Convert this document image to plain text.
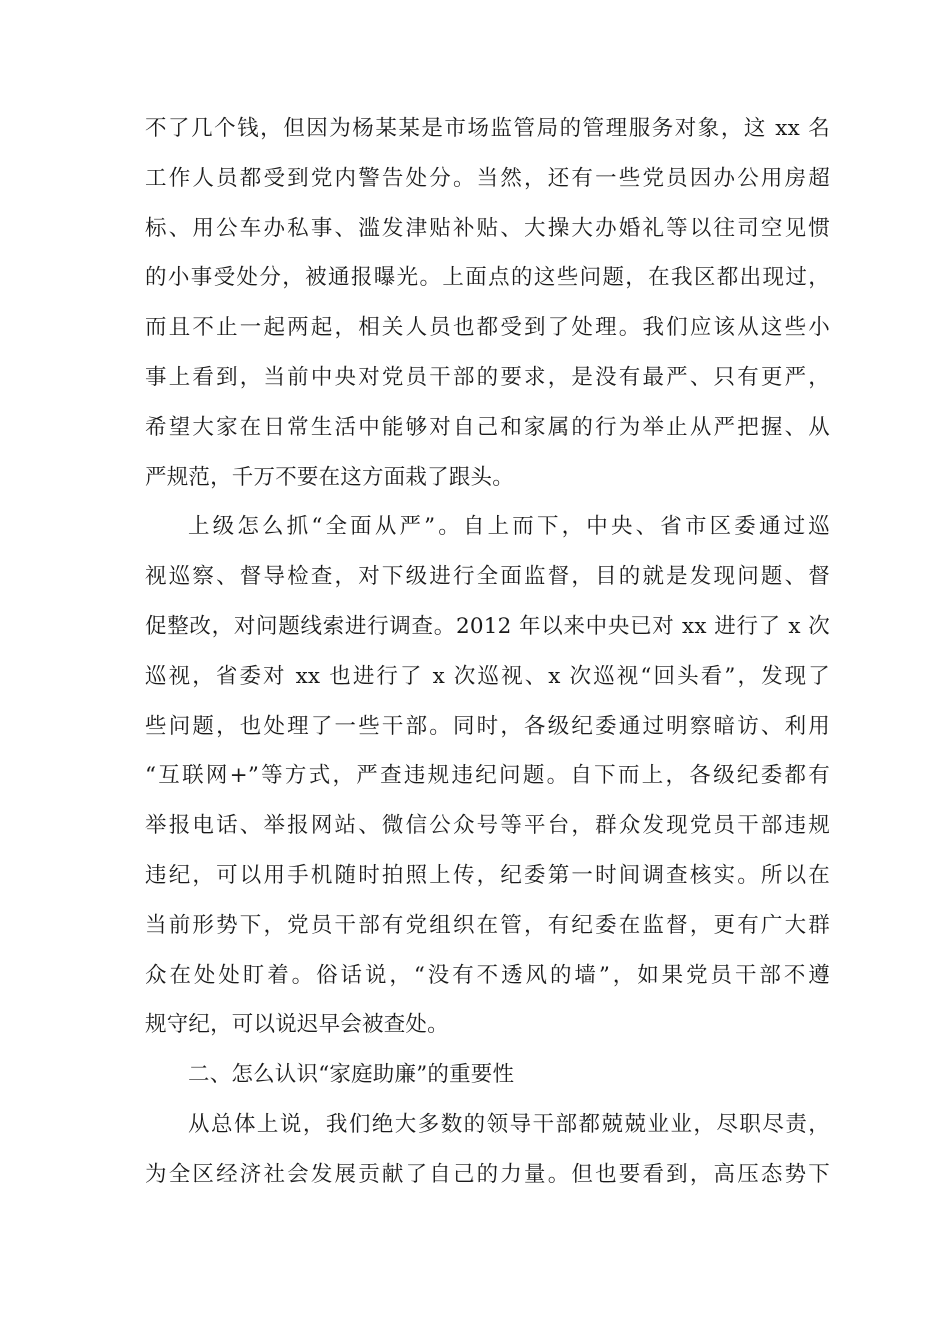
不了几个钱，但因为杨某某是市场监管局的管理服务对象，这 xx 名
工作人员都受到党内警告处分。当然，还有一些党员因办公用房超
标、用公车办私事、滥发津贴补贴、大操大办婚礼等以往司空见惯
的小事受处分，被通报曝光。上面点的这些问题，在我区都出现过，
而且不止一起两起，相关人员也都受到了处理。我们应该从这些小
事上看到，当前中央对党员干部的要求，是没有最严、只有更严，
希望大家在日常生活中能够对自己和家属的行为举止从严把握、从
严规范，千万不要在这方面栽了跟头。
上级怎么抓“全面从严”。自上而下，中央、省市区委通过巡
视巡察、督导检查，对下级进行全面监督，目的就是发现问题、督
促整改，对问题线索进行调查。2012 年以来中央已对 xx 进行了 x 次
巡视，省委对 xx 也进行了 x 次巡视、x 次巡视“回头看”，发现了
些问题，也处理了一些干部。同时，各级纪委通过明察暗访、利用
“互联网+”等方式，严查违规违纪问题。自下而上，各级纪委都有
举报电话、举报网站、微信公众号等平台，群众发现党员干部违规
违纪，可以用手机随时拍照上传，纪委第一时间调查核实。所以在
当前形势下，党员干部有党组织在管，有纪委在监督，更有广大群
众在处处盯着。俗话说，“没有不透风的墙”，如果党员干部不遵
规守纪，可以说迟早会被查处。
二、怎么认识“家庭助廉”的重要性
从总体上说，我们绝大多数的领导干部都兢兢业业，尽职尽责，
为全区经济社会发展贡献了自己的力量。但也要看到，高压态势下
